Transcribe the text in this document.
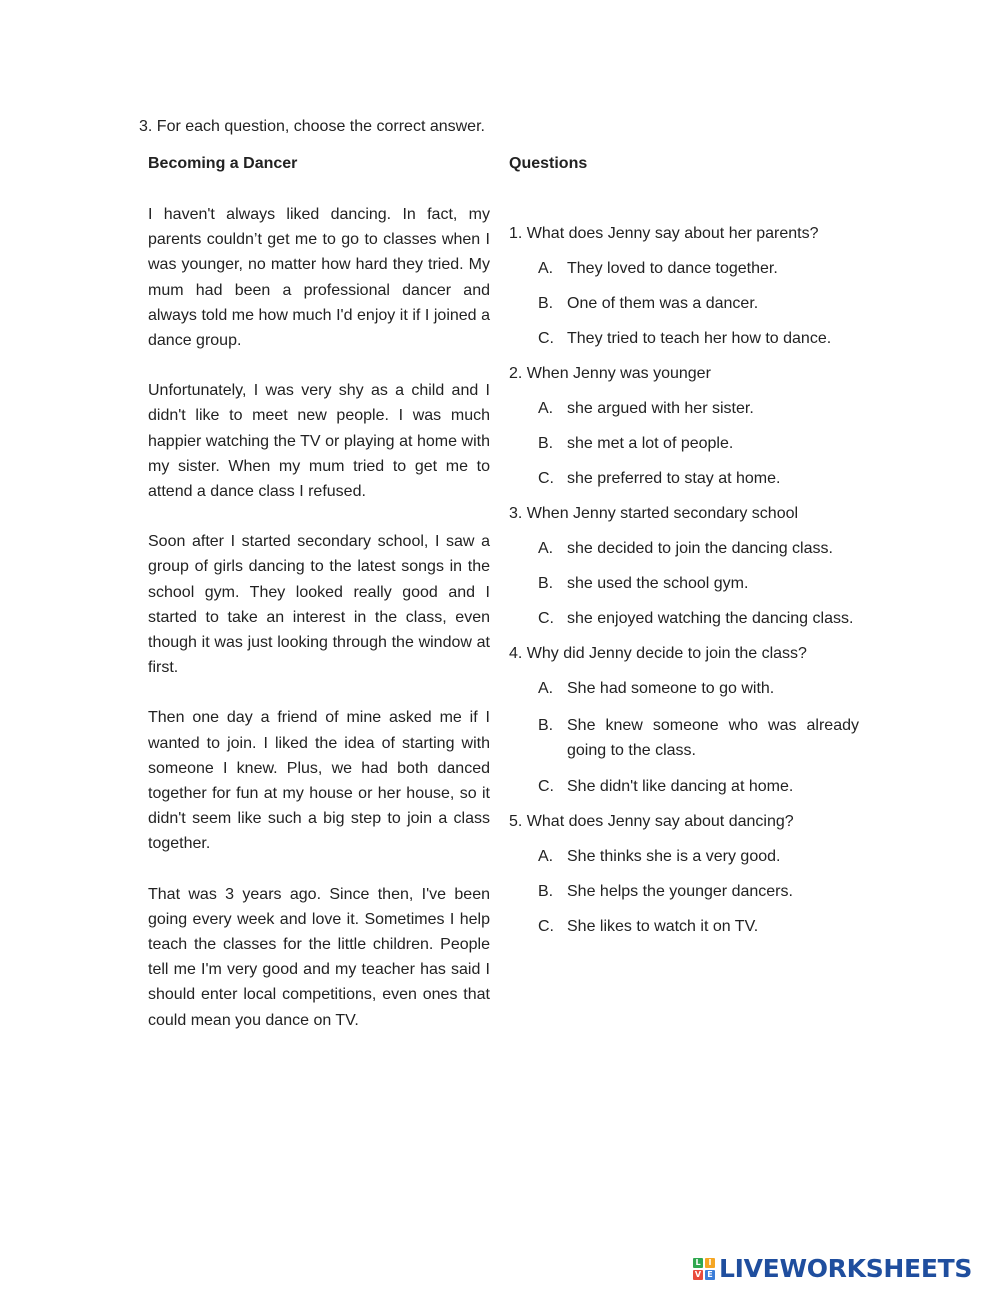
3. For each question, choose the correct answer.
Becoming a Dancer

I haven't always liked dancing. In fact, my parents couldn’t get me to go to classes when I was younger, no matter how hard they tried. My mum had been a professional dancer and always told me how much I'd enjoy it if I joined a dance group.

Unfortunately, I was very shy as a child and I didn't like to meet new people. I was much happier watching the TV or playing at home with my sister. When my mum tried to get me to attend a dance class I refused.

Soon after I started secondary school, I saw a group of girls dancing to the latest songs in the school gym. They looked really good and I started to take an interest in the class, even though it was just looking through the window at first.

Then one day a friend of mine asked me if I wanted to join. I liked the idea of starting with someone I knew. Plus, we had both danced together for fun at my house or her house, so it didn't seem like such a big step to join a class together.

That was 3 years ago. Since then, I've been going every week and love it. Sometimes I help teach the classes for the little children. People tell me I'm very good and my teacher has said I should enter local competitions, even ones that could mean you dance on TV.

Questions

1. What does Jenny say about her parents?

A. They loved to dance together.
B. One of them was a dancer.
C. They tried to teach her how to dance.

2. When Jenny was younger

A. she argued with her sister.
B. she met a lot of people.
C. she preferred to stay at home.

3. When Jenny started secondary school

A. she decided to join the dancing class.
B. she used the school gym.
C. she enjoyed watching the dancing class.

4. Why did Jenny decide to join the class?

A. She had someone to go with.
B. She knew someone who was already going to the class.
C. She didn't like dancing at home.

5. What does Jenny say about dancing?

A. She thinks she is a very good.
B. She helps the younger dancers.
C. She likes to watch it on TV.
L I
V E LIVEWORKSHEETS
